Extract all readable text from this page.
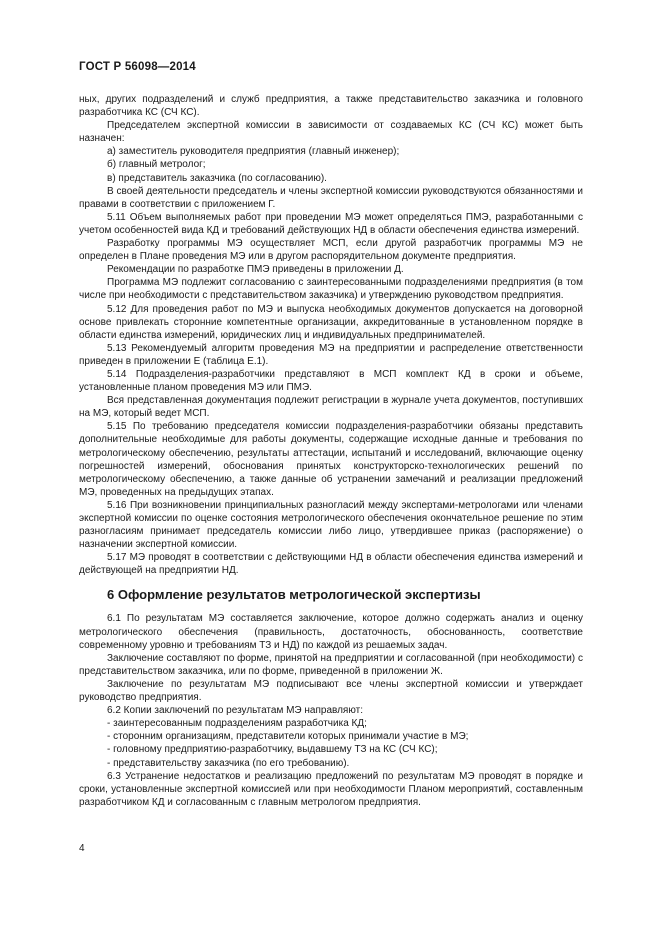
ГОСТ Р 56098—2014

ных, других подразделений и служб предприятия, а также представительство заказчика и головного разработчика КС (СЧ КС).

Председателем экспертной комиссии в зависимости от создаваемых КС (СЧ КС) может быть назначен:

а) заместитель руководителя предприятия (главный инженер);

б) главный метролог;

в) представитель заказчика (по согласованию).

В своей деятельности председатель и члены экспертной комиссии руководствуются обязанностями и правами в соответствии с приложением Г.

5.11 Объем выполняемых работ при проведении МЭ может определяться ПМЭ, разработанными с учетом особенностей вида КД и требований действующих НД в области обеспечения единства измерений.

Разработку программы МЭ осуществляет МСП, если другой разработчик программы МЭ не определен в Плане проведения МЭ или в другом распорядительном документе предприятия.

Рекомендации по разработке ПМЭ приведены в приложении Д.

Программа МЭ подлежит согласованию с заинтересованными подразделениями предприятия (в том числе при необходимости с представительством заказчика) и утверждению руководством предприятия.

5.12 Для проведения работ по МЭ и выпуска необходимых документов допускается на договорной основе привлекать сторонние компетентные организации, аккредитованные в установленном порядке в области единства измерений, юридических лиц и индивидуальных предпринимателей.

5.13 Рекомендуемый алгоритм проведения МЭ на предприятии и распределение ответственности приведен в приложении Е (таблица Е.1).

5.14 Подразделения-разработчики представляют в МСП комплект КД в сроки и объеме, установленные планом проведения МЭ или ПМЭ.

Вся представленная документация подлежит регистрации в журнале учета документов, поступивших на МЭ, который ведет МСП.

5.15 По требованию председателя комиссии подразделения-разработчики обязаны представить дополнительные необходимые для работы документы, содержащие исходные данные и требования по метрологическому обеспечению, результаты аттестации, испытаний и исследований, включающие оценку погрешностей измерений, обоснования принятых конструкторско-технологических решений по метрологическому обеспечению, а также данные об устранении замечаний и реализации предложений МЭ, проведенных на предыдущих этапах.

5.16 При возникновении принципиальных разногласий между экспертами-метрологами или членами экспертной комиссии по оценке состояния метрологического обеспечения окончательное решение по этим разногласиям принимает председатель комиссии либо лицо, утвердившее приказ (распоряжение) о назначении экспертной комиссии.

5.17 МЭ проводят в соответствии с действующими НД в области обеспечения единства измерений и действующей на предприятии НД.

6 Оформление результатов метрологической экспертизы

6.1 По результатам МЭ составляется заключение, которое должно содержать анализ и оценку метрологического обеспечения (правильность, достаточность, обоснованность, соответствие современному уровню и требованиям ТЗ и НД) по каждой из решаемых задач.

Заключение составляют по форме, принятой на предприятии и согласованной (при необходимости) с представительством заказчика, или по форме, приведенной в приложении Ж.

Заключение по результатам МЭ подписывают все члены экспертной комиссии и утверждает руководство предприятия.

6.2 Копии заключений по результатам МЭ направляют:

- заинтересованным подразделениям разработчика КД;

- сторонним организациям, представители которых принимали участие в МЭ;

- головному предприятию-разработчику, выдавшему ТЗ на КС (СЧ КС);

- представительству заказчика (по его требованию).

6.3 Устранение недостатков и реализацию предложений по результатам МЭ проводят в порядке и сроки, установленные экспертной комиссией или при необходимости Планом мероприятий, составленным разработчиком КД и согласованным с главным метрологом предприятия.

4
